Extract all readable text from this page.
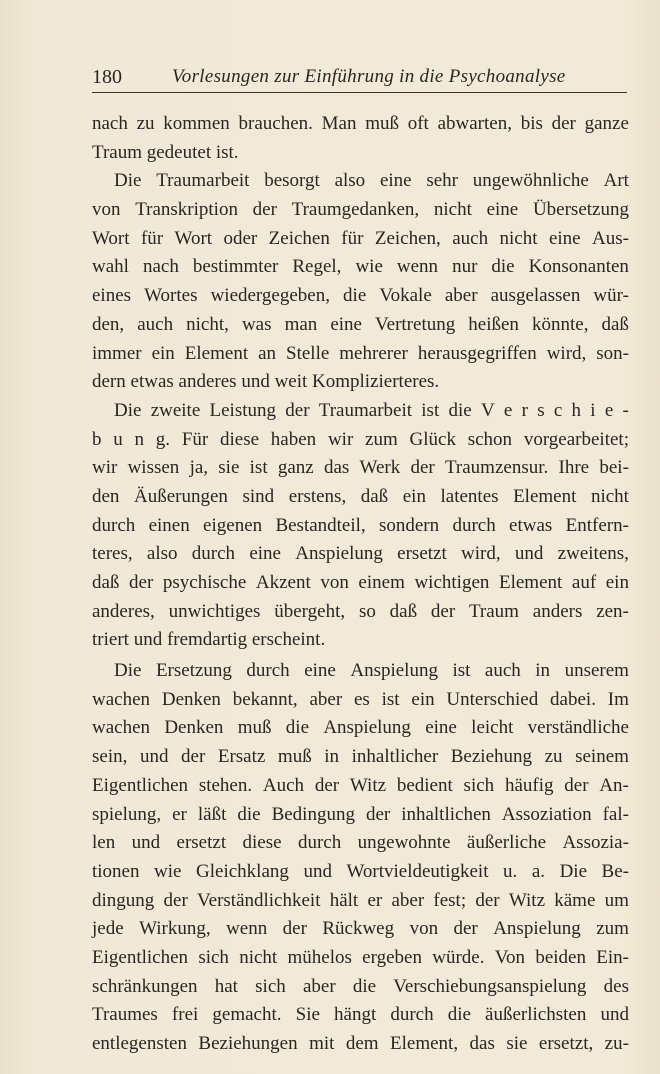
180	Vorlesungen zur Einführung in die Psychoanalyse
nach zu kommen brauchen. Man muß oft abwarten, bis der ganze
Traum gedeutet ist.
Die Traumarbeit besorgt also eine sehr ungewöhnliche Art
von Transkription der Traumgedanken, nicht eine Übersetzung
Wort für Wort oder Zeichen für Zeichen, auch nicht eine Aus-
wahl nach bestimmter Regel, wie wenn nur die Konsonanten
eines Wortes wiedergegeben, die Vokale aber ausgelassen wür-
den, auch nicht, was man eine Vertretung heißen könnte, daß
immer ein Element an Stelle mehrerer herausgegriffen wird, son-
dern etwas anderes und weit Komplizierteres.
Die zweite Leistung der Traumarbeit ist die V e r s c h i e -
b u n g. Für diese haben wir zum Glück schon vorgearbeitet;
wir wissen ja, sie ist ganz das Werk der Traumzensur. Ihre bei-
den Äußerungen sind erstens, daß ein latentes Element nicht
durch einen eigenen Bestandteil, sondern durch etwas Entfern-
teres, also durch eine Anspielung ersetzt wird, und zweitens,
daß der psychische Akzent von einem wichtigen Element auf ein
anderes, unwichtiges übergeht, so daß der Traum anders zen-
triert und fremdartig erscheint.
Die Ersetzung durch eine Anspielung ist auch in unserem
wachen Denken bekannt, aber es ist ein Unterschied dabei. Im
wachen Denken muß die Anspielung eine leicht verständliche
sein, und der Ersatz muß in inhaltlicher Beziehung zu seinem
Eigentlichen stehen. Auch der Witz bedient sich häufig der An-
spielung, er läßt die Bedingung der inhaltlichen Assoziation fal-
len und ersetzt diese durch ungewohnte äußerliche Assozia-
tionen wie Gleichklang und Wortvieldeutigkeit u. a. Die Be-
dingung der Verständlichkeit hält er aber fest; der Witz käme um
jede Wirkung, wenn der Rückweg von der Anspielung zum
Eigentlichen sich nicht mühelos ergeben würde. Von beiden Ein-
schränkungen hat sich aber die Verschiebungsanspielung des
Traumes frei gemacht. Sie hängt durch die äußerlichsten und
entlegensten Beziehungen mit dem Element, das sie ersetzt, zu-
